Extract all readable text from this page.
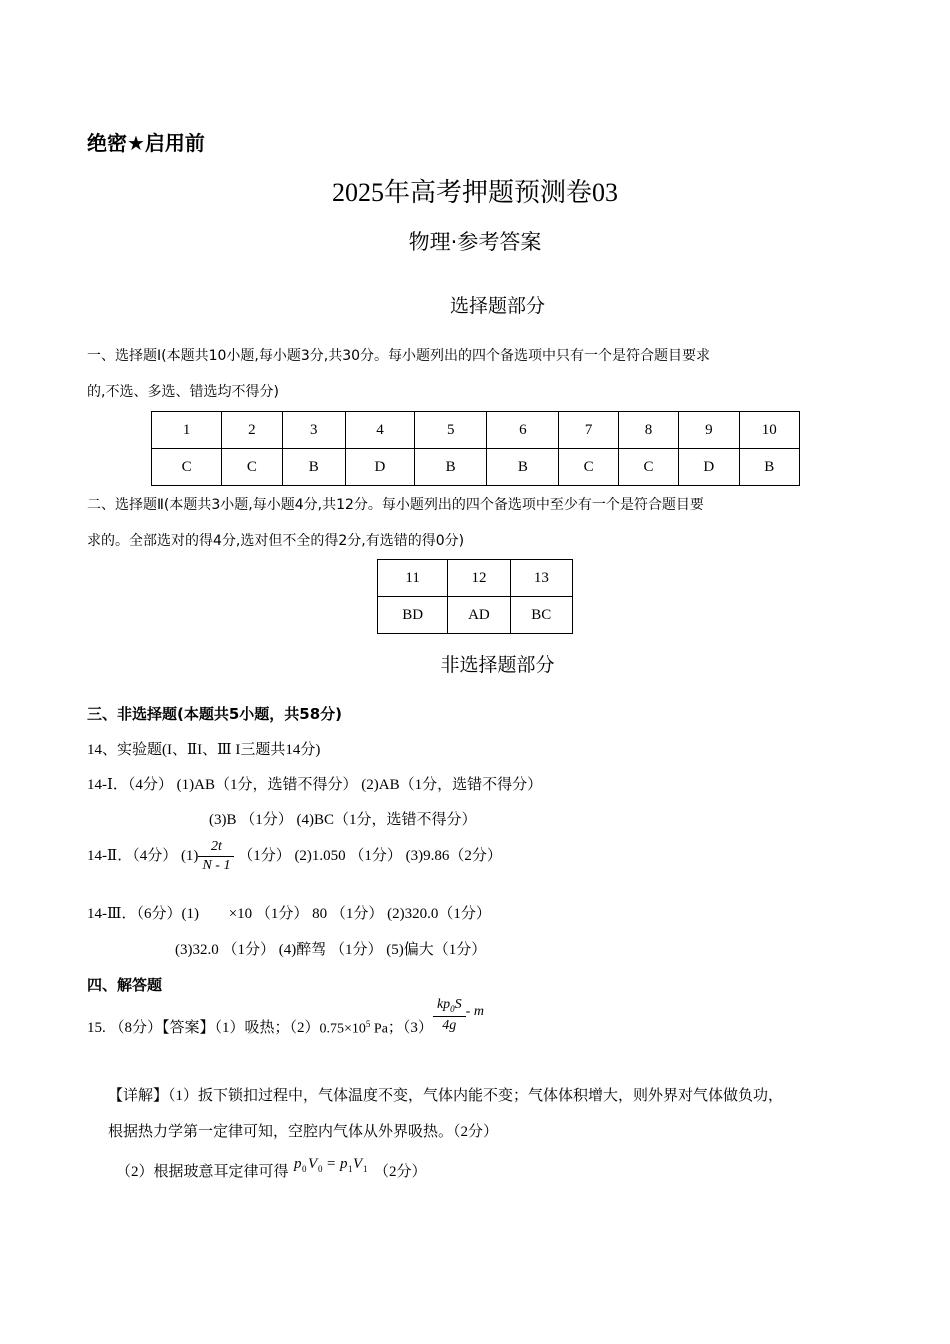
绝密★启用前
2025年高考押题预测卷03
物理·参考答案
选择题部分
一、选择题Ⅰ(本题共10小题,每小题3分,共30分。每小题列出的四个备选项中只有一个是符合题目要求
的,不选、多选、错选均不得分)
1	2	3	4	5	6	7	8	9	10
C	C	B	D	B	B	C	C	D	B
二、选择题Ⅱ(本题共3小题,每小题4分,共12分。每小题列出的四个备选项中至少有一个是符合题目要
求的。全部选对的得4分,选对但不全的得2分,有选错的得0分)
11	12	13
BD	AD	BC
非选择题部分
三、非选择题(本题共5小题，共58分)
14、实验题(I、ⅡI、Ⅲ I三题共14分)
14-Ⅰ．（4分） (1)AB（1分，选错不得分） (2)AB（1分，选错不得分）
(3)B （1分） (4)BC（1分，选错不得分）
14-Ⅱ．（4分） $(1) \frac{2t}{N - 1} (1$分） (2)1.050 （1分） (3)9.86（2分）
14-Ⅲ．（6分）(1) ×10 （1分） 80 （1分） (2)320.0（1分）
(3)32.0 （1分） (4)醉驾 （1分） (5)偏大（1分）
四、解答题
15. （8分）【答案】（1）吸热；$(2)0.75\times 10^5$ Pa；$(3) \frac{kp_0S}{4g}$ - m
【详解】（1）扳下锁扣过程中，气体温度不变，气体内能不变；气体体积增大，则外界对气体做负功，
根据热力学第一定律可知，空腔内气体从外界吸热。（2分）
（2）根据玻意耳定律可得 p 0 V 0 = p 1 V 1 （2分）
